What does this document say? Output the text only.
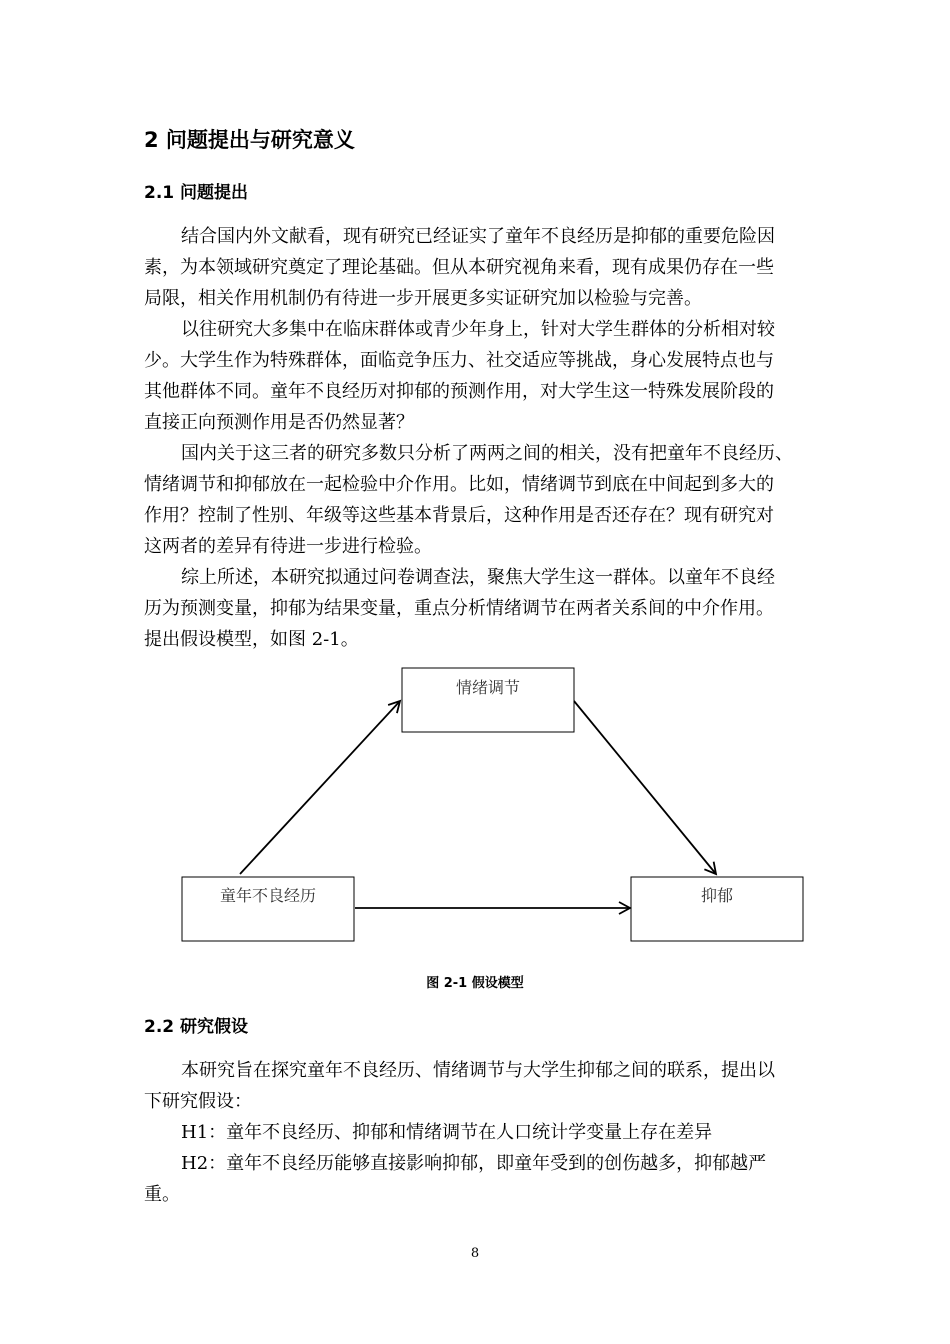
2 问题提出与研究意义
2.1 问题提出
结合国内外文献看，现有研究已经证实了童年不良经历是抑郁的重要危险因
素，为本领域研究奠定了理论基础。但从本研究视角来看，现有成果仍存在一些
局限，相关作用机制仍有待进一步开展更多实证研究加以检验与完善。
以往研究大多集中在临床群体或青少年身上，针对大学生群体的分析相对较
少。大学生作为特殊群体，面临竞争压力、社交适应等挑战，身心发展特点也与
其他群体不同。童年不良经历对抑郁的预测作用，对大学生这一特殊发展阶段的
直接正向预测作用是否仍然显著？
国内关于这三者的研究多数只分析了两两之间的相关，没有把童年不良经历、
情绪调节和抑郁放在一起检验中介作用。比如，情绪调节到底在中间起到多大的
作用？控制了性别、年级等这些基本背景后，这种作用是否还存在？现有研究对
这两者的差异有待进一步进行检验。
综上所述，本研究拟通过问卷调查法，聚焦大学生这一群体。以童年不良经
历为预测变量，抑郁为结果变量，重点分析情绪调节在两者关系间的中介作用。
提出假设模型，如图 2-1。
情绪调节
童年不良经历	抑郁
图 2-1 假设模型
2.2 研究假设
本研究旨在探究童年不良经历、情绪调节与大学生抑郁之间的联系，提出以
下研究假设：
H1：童年不良经历、抑郁和情绪调节在人口统计学变量上存在差异
H2：童年不良经历能够直接影响抑郁，即童年受到的创伤越多，抑郁越严
重。
8
